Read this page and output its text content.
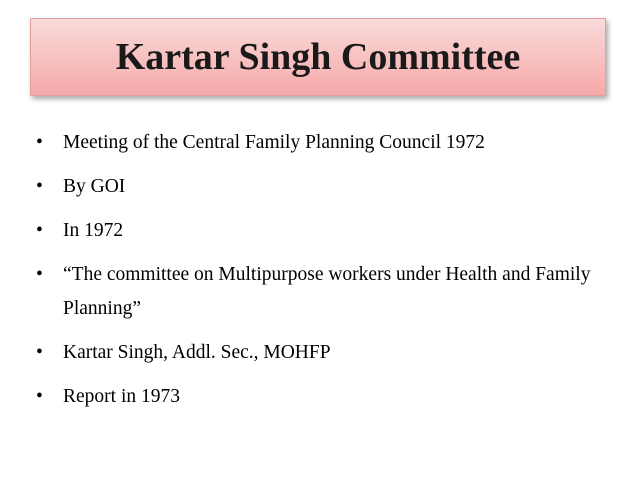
Kartar Singh Committee
•	Meeting of the Central Family Planning Council 1972
•	By GOI
•	In 1972
•	“The committee on Multipurpose workers under Health and Family Planning”
•	Kartar Singh, Addl. Sec., MOHFP
•	Report in 1973
